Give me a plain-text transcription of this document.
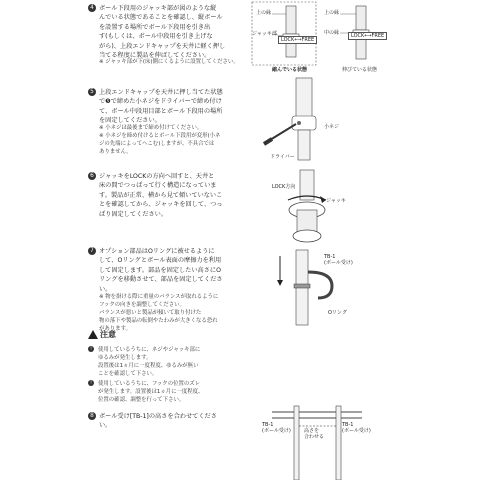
4 ボール下段用のジャッキ部が図のような縦
んでいる状態であることを確認し、縦ボール
を設置する場所でボール下段用を引き出
す(もしくは、ボール中段用を引き上げな
がら)、上段エンドキャップを天井に軽く押し
当てる程度に製品を伸ばしてください。
※ ジャッキ部が下(床)側にくるように設置してください。
上の縁
ジャッキ部
LOCK⟷FREE
縮んでいる状態
上の縁
中の縁	LOCK⟷FREE
伸びている状態
5 上段エンドキャップを天井に押し当てた状態
で❺で締めた小ネジをドライバーで締め付け
て、ボール中段用目部とボール下段用の場所
を固定してください。
※ 小ネジは最後まで締め付けてください。
※ 小ネジを締め付けるとボール下段用が変形(小ネ
ジの先端によってへこむ)しますが、不具合では
ありません。
小ネジ
ドライバー
6 ジャッキをLOCKの方向へ回すと、天井と
床の間でつっぱって行く構造になっていま
す。製品が正常、横から見て傾いていないこ
とを確認してから、ジャッキを回して、つっ
ぱり固定してください。
LOCK方向
ジャッキ
7 オプション部品はOリングに被せるように
して、Oリングとボール表面の摩擦力を利用
して固定します。部品を固定したい高さにO
リングを移動させて、部品を固定してくださ
い。
※ 物を掛ける際に重量のバランスが取れるように
フックの向きを調整してください。
バランスが悪いと製品が傾いて取り付けた
物の落下や製品の転倒やたわみが大きくなる恐れ
があります。
TB-1
(ボール受け)
Oリング
注意
!	使用しているうちに、ネジやジャッキ部に
ゆるみが発生します。
設置後は1ヵ月に一度程度、ゆるみが無い
ことを確認して下さい。
!	使用しているうちに、フックの位置のズレ
が発生します。設置後は1ヵ月に一度程度、
位置の確認、調整を行って下さい。
8 ボール受け[TB-1]の高さを合わせてくださ
い。	TB-1
(ボール受け)	高さを
合わせる
TB-1
(ボール受け)
